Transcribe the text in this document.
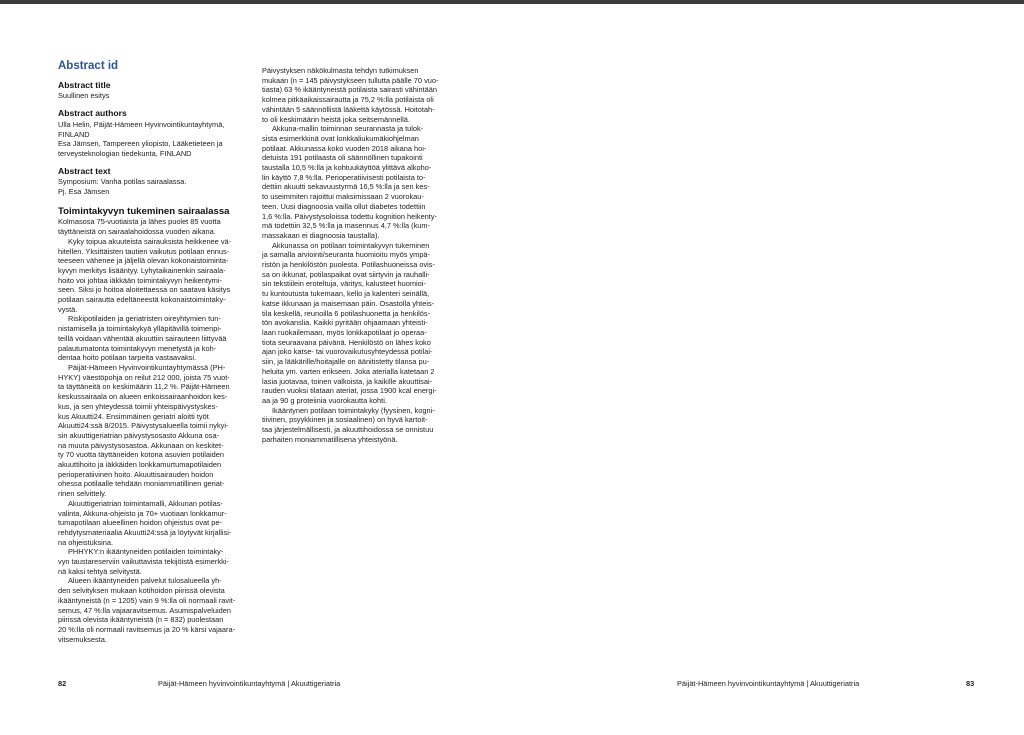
Abstract id
Abstract title
Suullinen esitys
Abstract authors
Ulla Helin, Päijät-Hämeen Hyvinvointikuntayhtymä,
FINLAND
Esa Jämsen, Tampereen yliopisto, Lääketieteen ja
terveysteknologian tiedekunta, FINLAND
Abstract text
Symposium: Vanha potilas sairaalassa.
Pj. Esa Jämsen
Toimintakyvyn tukeminen sairaalassa
Kolmasosa 75-vuotiaista ja lähes puolet 85 vuotta
täyttäneistä on sairaalahoidossa vuoden aikana.
Kyky toipua akuuteista sairauksista heikkenee vä-
hitellen. Yksittäisten tautien vaikutus potilaan ennus-
teeseen vähenee ja jäljellä olevan kokonaistoiminta-
kyvyn merkitys lisääntyy. Lyhytaikainenkin sairaala-
hoito voi johtaa iäkkään toimintakyvyn heikentymi-
seen. Siksi jo hoitoa aloitettaessa on saatava käsitys
potilaan sairautta edeltäneestä kokonaistoimintaky-
vystä.
Riskipotilaiden ja geriatristen oireyhtymien tun-
nistamisella ja toimintakykyä ylläpitävillä toimenpi-
teillä voidaan vähentää akuuttiin sairauteen liittyvää
palautumatonta toimintakyvyn menetystä ja koh-
dentaa hoito potilaan tarpeita vastaavaksi.
Päijät-Hämeen Hyvinvointikuntayhtymässä (PH-
HYKY) väestöpohja on reilut 212 000, joista 75 vuot-
ta täyttäneitä on keskimäärin 11,2 %. Päijät-Hämeen
keskussairaala on alueen erikoissairaanhoidon kes-
kus, ja sen yhteydessä toimii yhteispäivystyskes-
kus Akuutti24. Ensimmäinen geriatri aloitti työt
Akuutti24:ssä 8/2015. Päivystysalueella toimii nykyi-
sin akuuttigeriatrian päivystysosasto Akkuna osa-
na muuta päivystysosastoa. Akkunaan on keskitet-
ty 70 vuotta täyttäneiden kotona asuvien potilaiden
akuuttihoito ja iäkkäiden lonkkamurtumapotilaiden
perioperatiivinen hoito. Akuuttisairauden hoidon
ohessa potilaalle tehdään moniammatillinen geriat-
rinen selvittely.
Akuuttigeriatrian toimintamalli, Akkunan potilas-
valinta, Akkuna-ohjeisto ja 70+ vuotiaan lonkkamur-
tumapotilaan alueellinen hoidon ohjeistus ovat pe-
rehdytysmateriaalia Akuutti24:ssä ja löytyvät kirjallisi-
na ohjeistuksina.
PHHYKY:n ikääntyneiden potilaiden toimintaky-
vyn taustareserviin vaikuttavista tekijöistä esimerkki-
nä kaksi tehtyä selvitystä.
Alueen ikääntyneiden palvelut tulosalueella yh-
den selvityksen mukaan kotihoidon piirissä olevista
ikääntyneistä (n = 1205) vain 9 %:lla oli normaali ravit-
semus, 47 %:lla vajaaravitsemus. Asumispalveluiden
piirissä olevista ikääntyneistä (n = 832) puolestaan
20 %:lla oli normaali ravitsemus ja 20 % kärsi vajaara-
vitsemuksesta.
Päivystyksen näkökulmasta tehdyn tutkimuksen
mukaan (n = 145 päivystykseen tullutta päälle 70 vuo-
tiasta) 63 % ikääntyneistä potilaista sairasti vähintään
kolmea pitkäaikaissairautta ja 75,2 %:lla potilaista oli
vähintään 5 säännöllistä lääkettä käytössä. Hoitotah-
to oli keskimäärin heistä joka seitsemännellä.
Akkuna-mallin toiminnan seurannasta ja tulok-
sista esimerkkinä ovat lonkkaliukumäkiohjelman
potilaat. Akkunassa koko vuoden 2018 aikana hoi-
detuista 191 potilaasta oli säännöllinen tupakointi
taustalla 10,5 %:lla ja kohtuukäyttöä ylittävä alkoho-
lin käyttö 7,8 %:lla. Perioperatiivisesti potilaista to-
dettiin akuutti sekavuustyrmä 16,5 %:lla ja sen kes-
to useimmiten rajoittui maksimissaan 2 vuorokau-
teen. Uusi diagnoosia vailla ollut diabetes todettiin
1,6 %:lla. Päivystysoloissa todettu kognition heikenty-
mä todettiin 32,5 %:lla ja masennus 4,7 %:lla (kum-
massakaan ei diagnoosia taustalla).
Akkunassa on potilaan toimintakyvyn tukeminen
ja samalla arviointi/seuranta huomioitu myös ympä-
ristön ja henkilöstön puolesta. Potilashuoneissa ovis-
sa on ikkunat, potilaspaikat ovat siirtyvin ja rauhalli-
sin tekstiilein eroteltuja, väritys, kalusteet huomioi-
tu kuntoutusta tukemaan, kello ja kalenteri seinällä,
katse ikkunaan ja maisemaan päin. Osastolla yhteis-
tila keskellä, reunoilla 6 potilashuonetta ja henkilös-
tön avokanslia. Kaikki pyritään ohjaamaan yhteisti-
laan ruokailemaan, myös lonkkapotilaat jo operaa-
tiota seuraavana päivänä. Henkilöstö on lähes koko
ajan joko katse- tai vuorovaikutusyhteydessä potilai-
siin, ja lääkärille/hoitajalle on äänitistetty tilansa pu-
heluita ym. varten erikseen. Joka aterialla katetaan 2
lasia juotavaa, toinen valkoista, ja kaikille akuuttisai-
rauden vuoksi tilataan ateriat, jossa 1900 kcal energi-
aa ja 90 g proteiinia vuorokautta kohti.
Ikääntynen potilaan toimintakyky (fyysinen, kogni-
tiivinen, psyykkinen ja sosiaalinen) on hyvä kartoit-
taa järjestelmällisesti, ja akuuttihoidossa se onnistuu
parhaiten moniammatillisena yhteistyönä.
82	Päijät-Hämeen hyvinvointikuntayhtymä | Akuuttigeriatria	Päijät-Hämeen hyvinvointikuntayhtymä | Akuuttigeriatria	83
